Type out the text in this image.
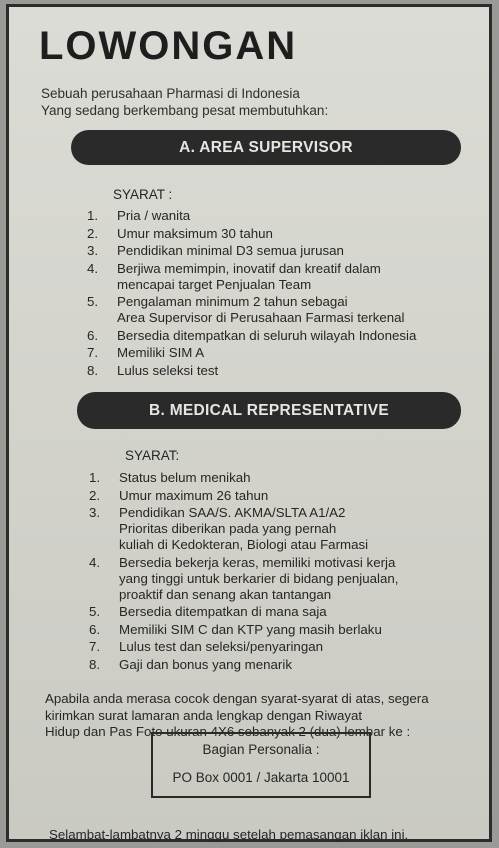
LOWONGAN
Sebuah perusahaan Pharmasi di Indonesia
Yang sedang berkembang pesat membutuhkan:
A. AREA SUPERVISOR
SYARAT :
1.	Pria / wanita
2.	Umur maksimum 30 tahun
3.	Pendidikan minimal D3 semua jurusan
4.	Berjiwa memimpin, inovatif dan kreatif dalam
mencapai target Penjualan Team
5.	Pengalaman minimum 2 tahun sebagai
Area Supervisor di Perusahaan Farmasi terkenal
6.	Bersedia ditempatkan di seluruh wilayah Indonesia
7.	Memiliki SIM A
8.	Lulus seleksi test
B. MEDICAL REPRESENTATIVE
SYARAT:
1.	Status belum menikah
2.	Umur maximum 26 tahun
3.	Pendidikan SAA/S. AKMA/SLTA A1/A2
Prioritas diberikan pada yang pernah
kuliah di Kedokteran, Biologi atau Farmasi
4.	Bersedia bekerja keras, memiliki motivasi kerja
yang tinggi untuk berkarier di bidang penjualan,
proaktif dan senang akan tantangan
5.	Bersedia ditempatkan di mana saja
6.	Memiliki SIM C dan KTP yang masih berlaku
7.	Lulus test dan seleksi/penyaringan
8.	Gaji dan bonus yang menarik
Apabila anda merasa cocok dengan syarat-syarat di atas, segera
kirimkan surat lamaran anda lengkap dengan Riwayat
Hidup dan Pas Foto ukuran 4X6 sebanyak 2 (dua) lembar ke :
Bagian Personalia :
PO Box 0001 / Jakarta 10001
Selambat-lambatnya 2 minggu setelah pemasangan iklan ini.
